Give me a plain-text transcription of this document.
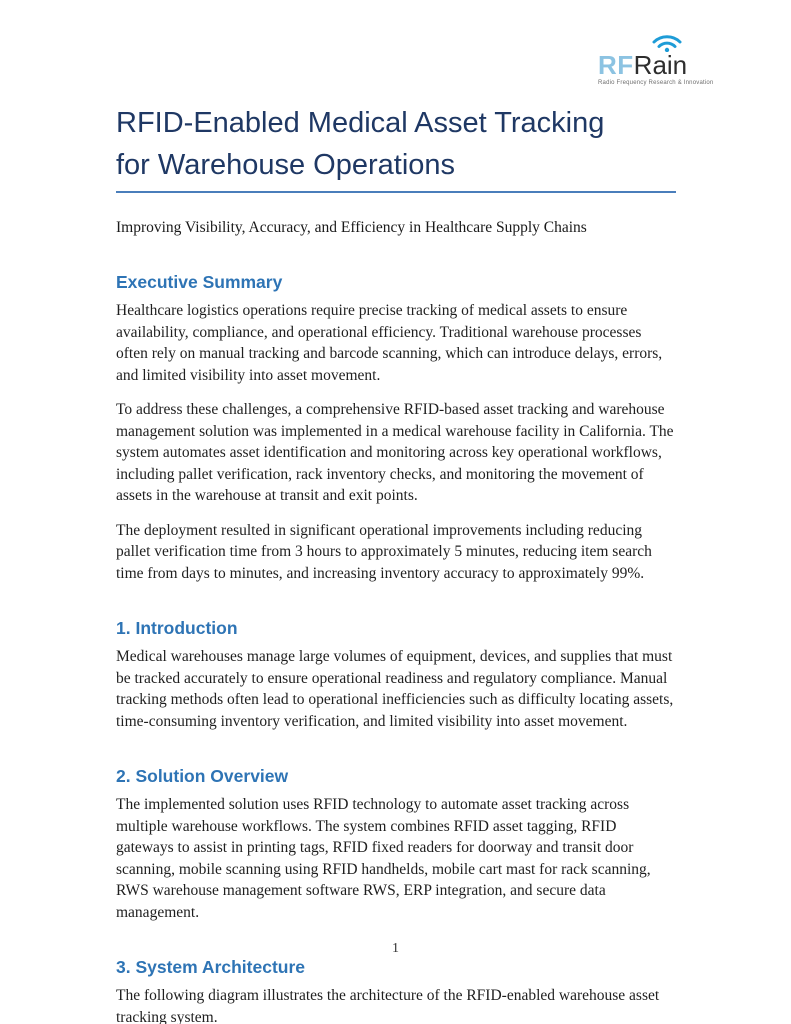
RFRain
Radio Frequency Research & Innovation
RFID-Enabled Medical Asset Tracking
for Warehouse Operations
Improving Visibility, Accuracy, and Efficiency in Healthcare Supply Chains
Executive Summary

Healthcare logistics operations require precise tracking of medical assets to ensure availability, compliance, and operational efficiency. Traditional warehouse processes often rely on manual tracking and barcode scanning, which can introduce delays, errors, and limited visibility into asset movement.

To address these challenges, a comprehensive RFID-based asset tracking and warehouse management solution was implemented in a medical warehouse facility in California. The system automates asset identification and monitoring across key operational workflows, including pallet verification, rack inventory checks, and monitoring the movement of assets in the warehouse at transit and exit points.

The deployment resulted in significant operational improvements including reducing pallet verification time from 3 hours to approximately 5 minutes, reducing item search time from days to minutes, and increasing inventory accuracy to approximately 99%.

1. Introduction

Medical warehouses manage large volumes of equipment, devices, and supplies that must be tracked accurately to ensure operational readiness and regulatory compliance. Manual tracking methods often lead to operational inefficiencies such as difficulty locating assets, time-consuming inventory verification, and limited visibility into asset movement.

2. Solution Overview

The implemented solution uses RFID technology to automate asset tracking across multiple warehouse workflows. The system combines RFID asset tagging, RFID gateways to assist in printing tags, RFID fixed readers for doorway and transit door scanning, mobile scanning using RFID handhelds, mobile cart mast for rack scanning, RWS warehouse management software RWS, ERP integration, and secure data management.

3. System Architecture

The following diagram illustrates the architecture of the RFID-enabled warehouse asset tracking system.

1
